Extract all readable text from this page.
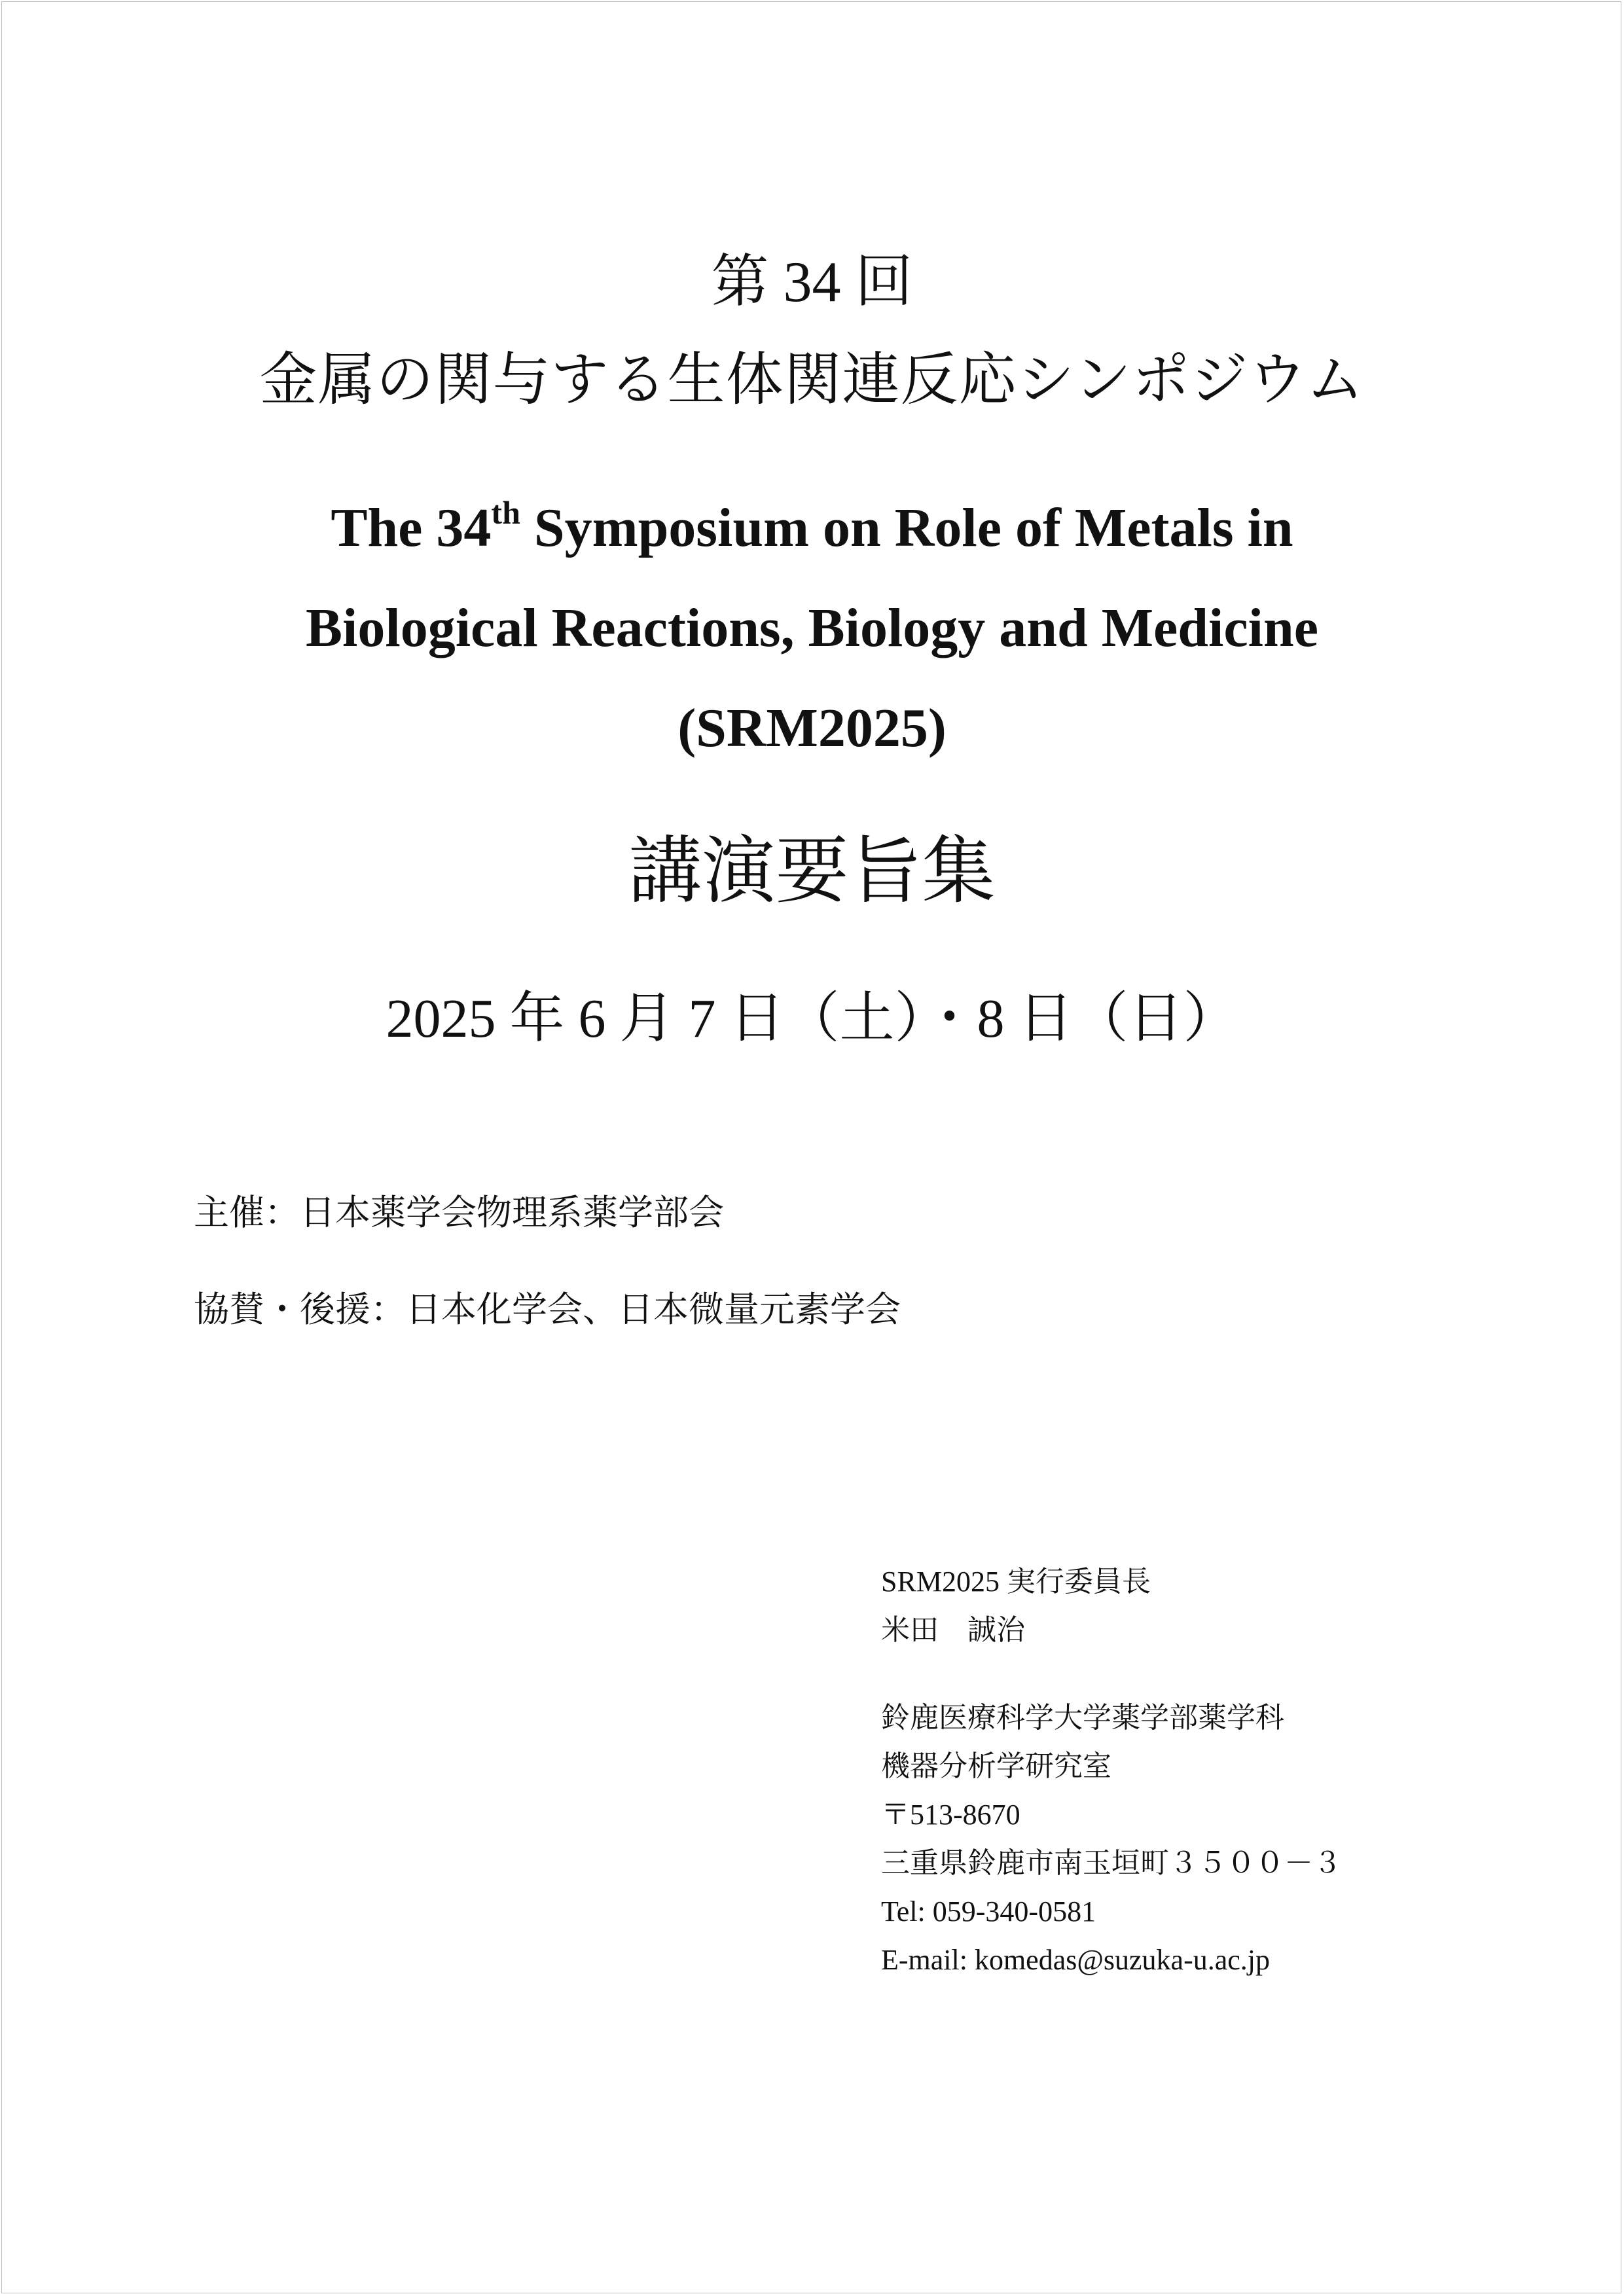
第 34 回
金属の関与する生体関連反応シンポジウム
The 34th Symposium on Role of Metals in
Biological Reactions, Biology and Medicine
(SRM2025)
講演要旨集
2025 年 6 月 7 日（土）・8 日（日）
主催：日本薬学会物理系薬学部会
協賛・後援：日本化学会、日本微量元素学会
SRM2025 実行委員長
米田　誠治
鈴鹿医療科学大学薬学部薬学科
機器分析学研究室
〒513-8670
三重県鈴鹿市南玉垣町３５００－３
Tel: 059-340-0581
E-mail: komedas@suzuka-u.ac.jp
